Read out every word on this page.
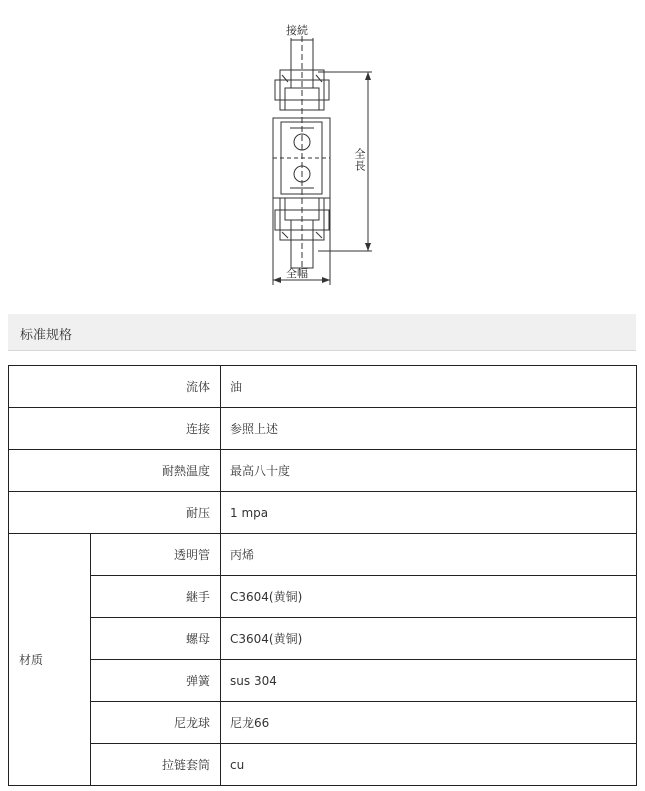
接続
全長
全幅
标准规格
流体		油
连接		参照上述
耐熱温度		最高八十度
耐压		1 mpa
材质	透明管	丙烯
	継手	C3604(黄铜)
	螺母	C3604(黄铜)
	弹簧	sus 304
	尼龙球	尼龙66
	拉链套筒	cu
